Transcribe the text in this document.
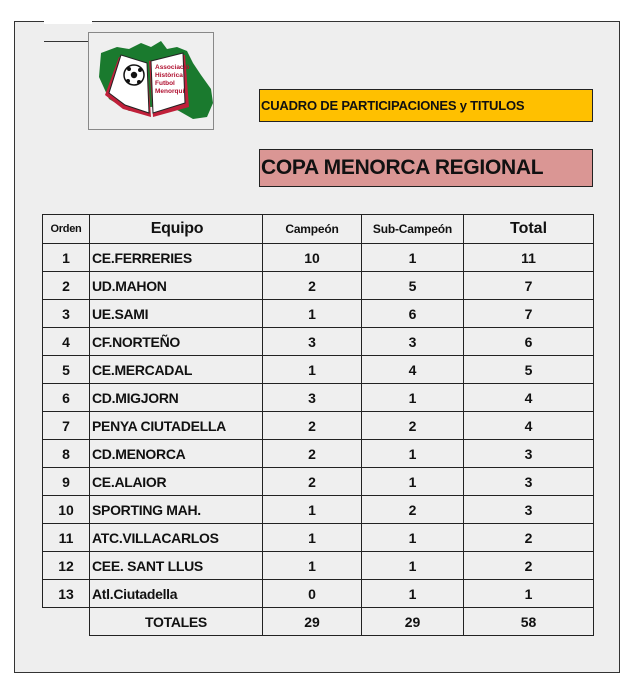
Associació
Històrica
Futbol
Menorquí
CUADRO DE PARTICIPACIONES y TITULOS
COPA MENORCA REGIONAL
Orden	Equipo	Campeón	Sub-Campeón	Total
1	CE.FERRERIES	10	1	11
2	UD.MAHON	2	5	7
3	UE.SAMI	1	6	7
4	CF.NORTEÑO	3	3	6
5	CE.MERCADAL	1	4	5
6	CD.MIGJORN	3	1	4
7	PENYA CIUTADELLA	2	2	4
8	CD.MENORCA	2	1	3
9	CE.ALAIOR	2	1	3
10	SPORTING MAH.	1	2	3
11	ATC.VILLACARLOS	1	1	2
12	CEE. SANT LLUS	1	1	2
13	Atl.Ciutadella	0	1	1
	TOTALES	29	29	58
